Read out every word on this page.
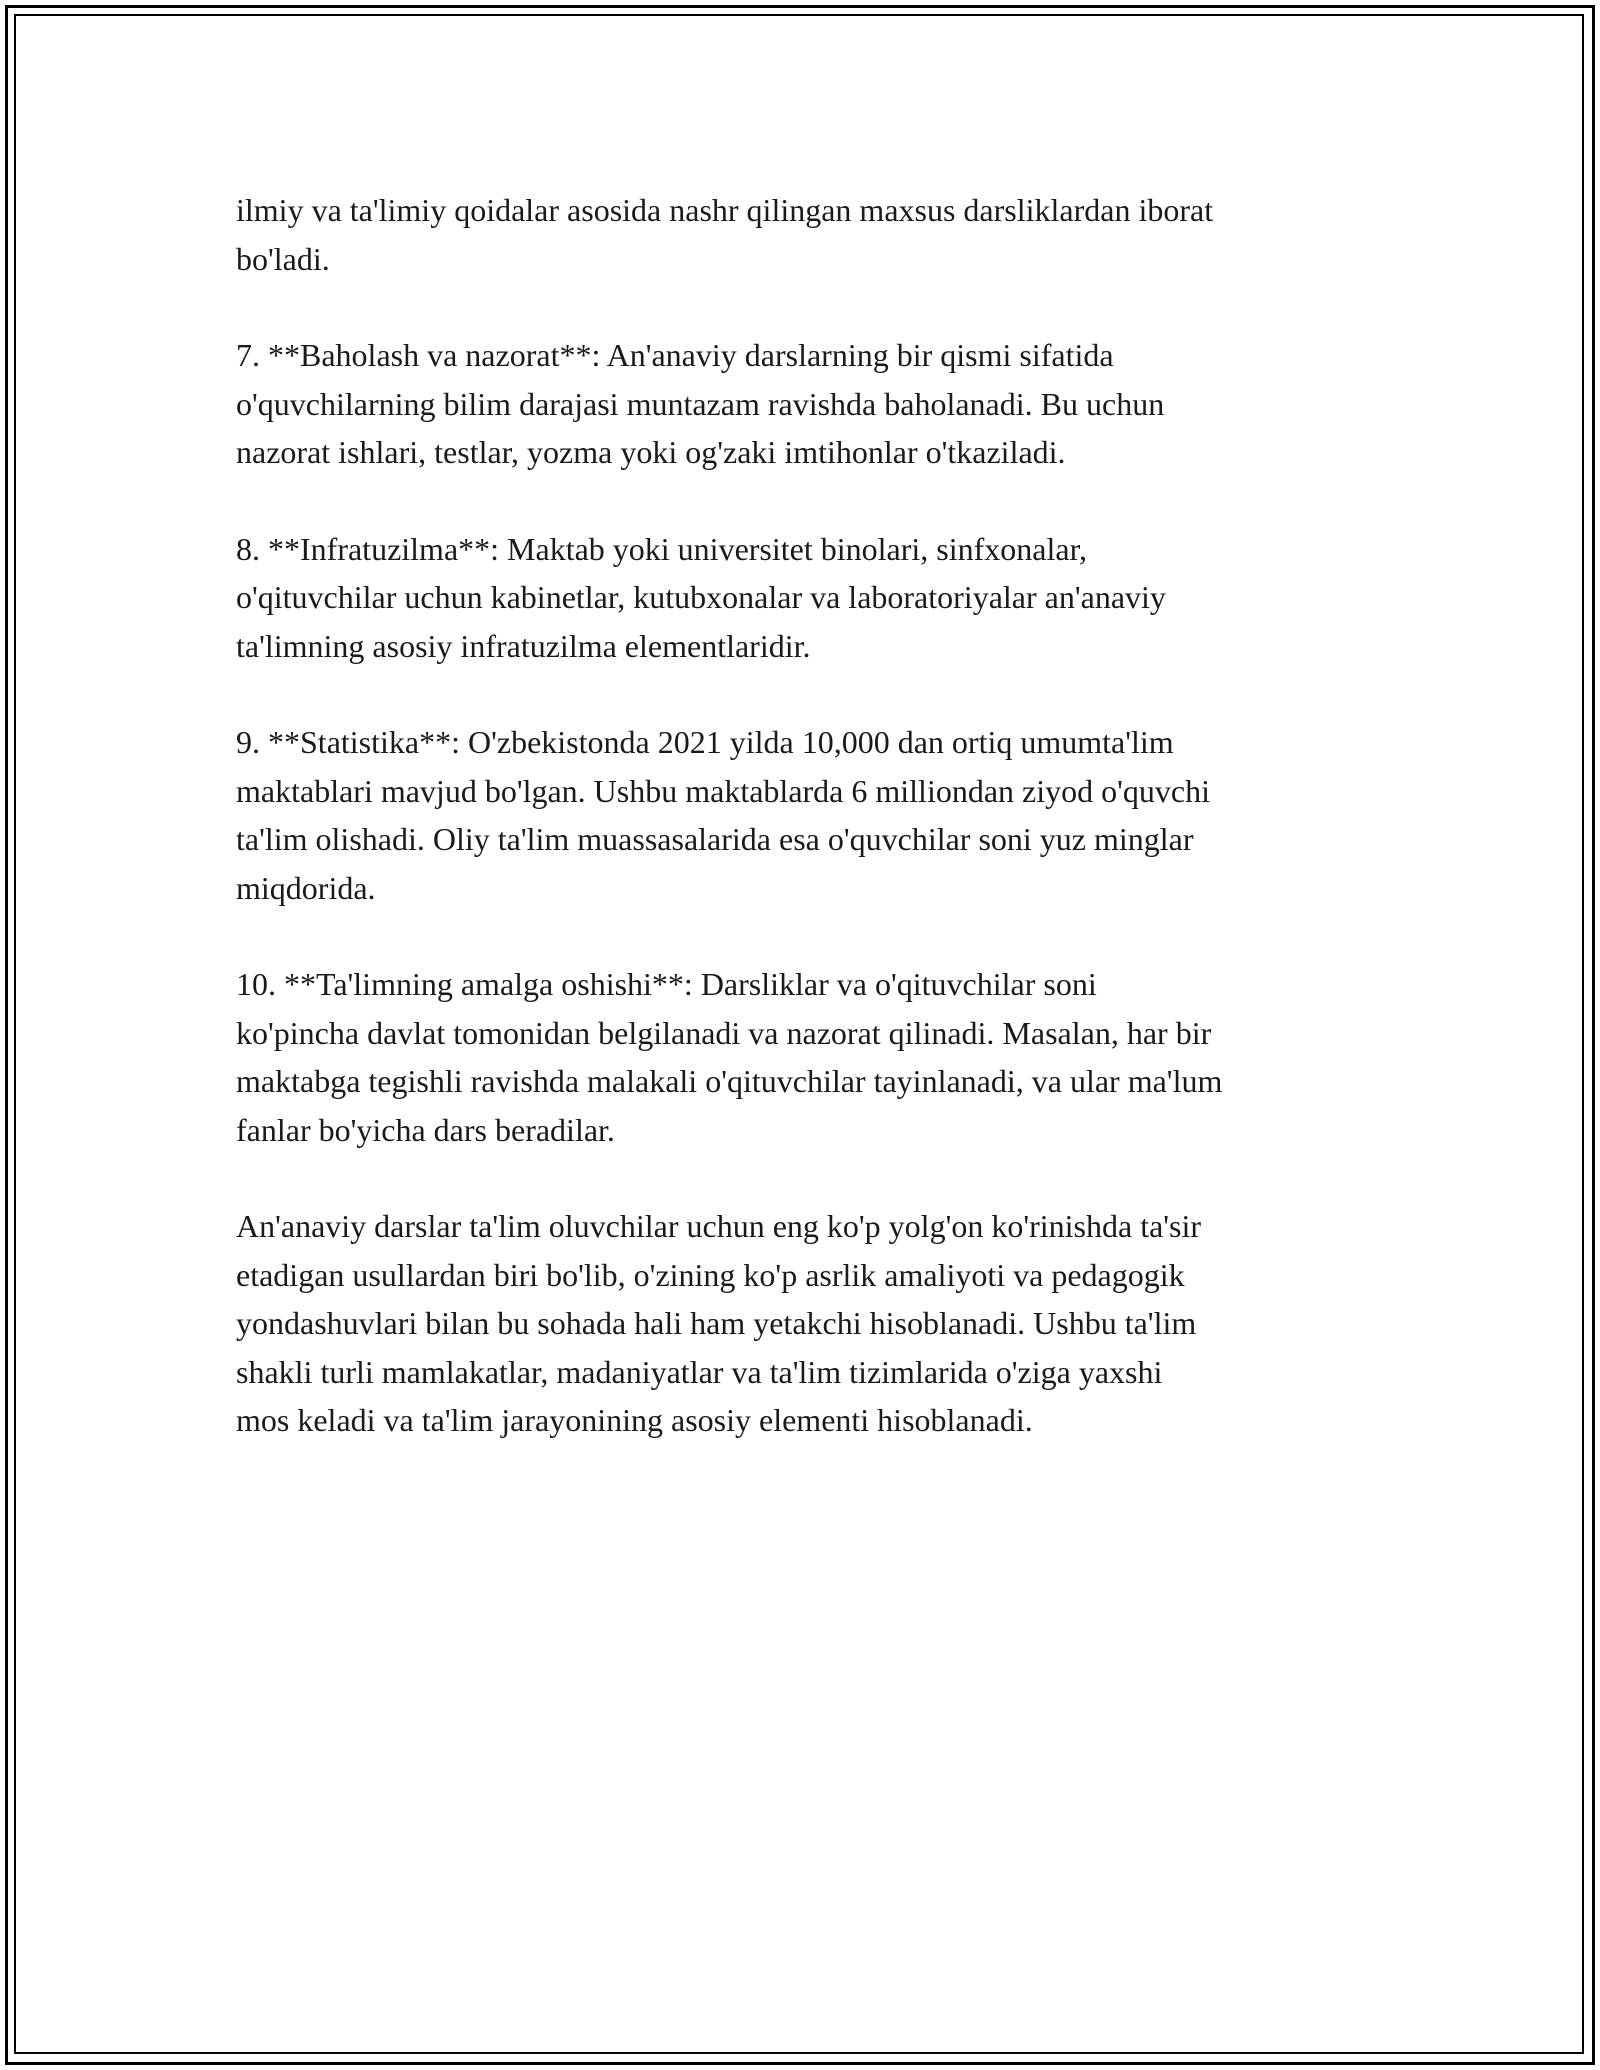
ilmiy va ta'limiy qoidalar asosida nashr qilingan maxsus darsliklardan iborat
bo'ladi.

7. **Baholash va nazorat**: An'anaviy darslarning bir qismi sifatida
o'quvchilarning bilim darajasi muntazam ravishda baholanadi. Bu uchun
nazorat ishlari, testlar, yozma yoki og'zaki imtihonlar o'tkaziladi.

8. **Infratuzilma**: Maktab yoki universitet binolari, sinfxonalar,
o'qituvchilar uchun kabinetlar, kutubxonalar va laboratoriyalar an'anaviy
ta'limning asosiy infratuzilma elementlaridir.

9. **Statistika**: O'zbekistonda 2021 yilda 10,000 dan ortiq umumta'lim
maktablari mavjud bo'lgan. Ushbu maktablarda 6 milliondan ziyod o'quvchi
ta'lim olishadi. Oliy ta'lim muassasalarida esa o'quvchilar soni yuz minglar
miqdorida.

10. **Ta'limning amalga oshishi**: Darsliklar va o'qituvchilar soni
ko'pincha davlat tomonidan belgilanadi va nazorat qilinadi. Masalan, har bir
maktabga tegishli ravishda malakali o'qituvchilar tayinlanadi, va ular ma'lum
fanlar bo'yicha dars beradilar.

An'anaviy darslar ta'lim oluvchilar uchun eng ko'p yolg'on ko'rinishda ta'sir
etadigan usullardan biri bo'lib, o'zining ko'p asrlik amaliyoti va pedagogik
yondashuvlari bilan bu sohada hali ham yetakchi hisoblanadi. Ushbu ta'lim
shakli turli mamlakatlar, madaniyatlar va ta'lim tizimlarida o'ziga yaxshi
mos keladi va ta'lim jarayonining asosiy elementi hisoblanadi.
